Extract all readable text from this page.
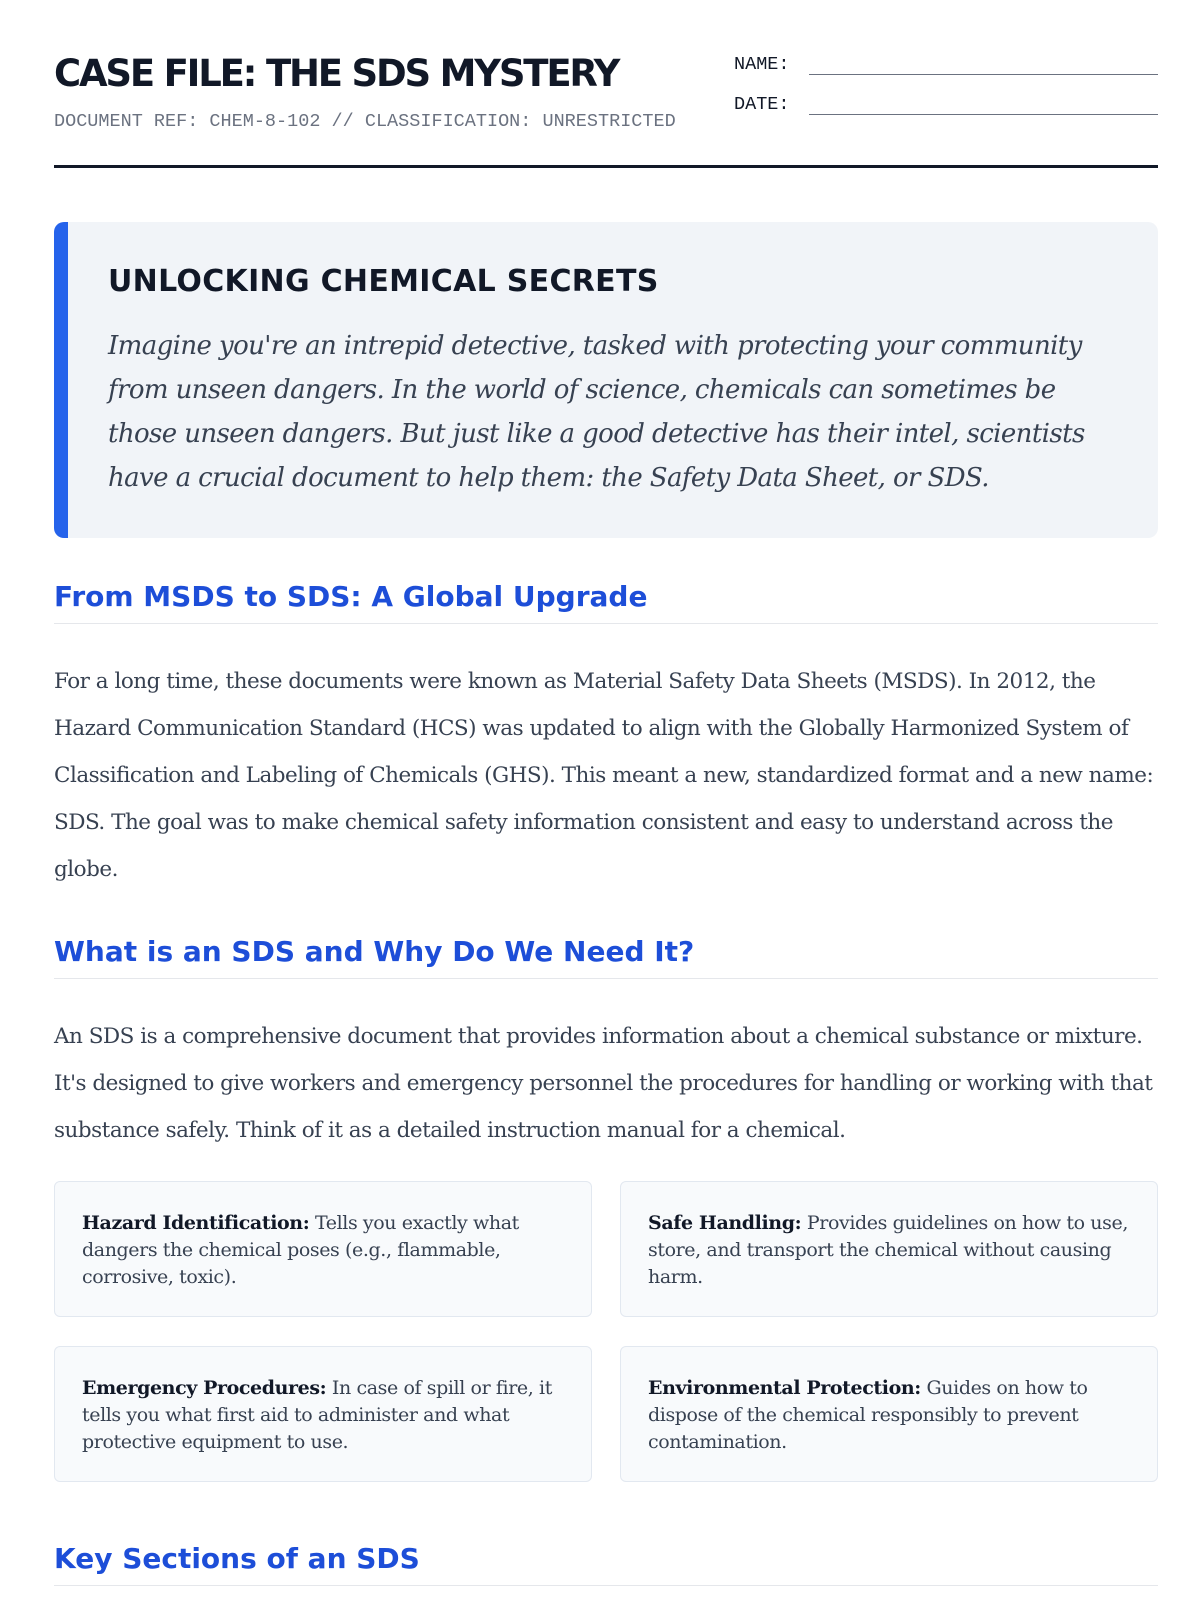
CASE FILE: THE SDS MYSTERY
DOCUMENT REF: CHEM-8-102 // CLASSIFICATION: UNRESTRICTED
NAME:
DATE:
UNLOCKING CHEMICAL SECRETS

Imagine you're an intrepid detective, tasked with protecting your community from unseen dangers. In the world of science, chemicals can sometimes be those unseen dangers. But just like a good detective has their intel, scientists have a crucial document to help them: the Safety Data Sheet, or SDS.

From MSDS to SDS: A Global Upgrade

For a long time, these documents were known as Material Safety Data Sheets (MSDS). In 2012, the Hazard Communication Standard (HCS) was updated to align with the Globally Harmonized System of Classification and Labeling of Chemicals (GHS). This meant a new, standardized format and a new name: SDS. The goal was to make chemical safety information consistent and easy to understand across the globe.

What is an SDS and Why Do We Need It?

An SDS is a comprehensive document that provides information about a chemical substance or mixture. It's designed to give workers and emergency personnel the procedures for handling or working with that substance safely. Think of it as a detailed instruction manual for a chemical.

Hazard Identification: Tells you exactly what dangers the chemical poses (e.g., flammable, corrosive, toxic).
Safe Handling: Provides guidelines on how to use, store, and transport the chemical without causing harm.
Emergency Procedures: In case of spill or fire, it tells you what first aid to administer and what protective equipment to use.
Environmental Protection: Guides on how to dispose of the chemical responsibly to prevent contamination.
Key Sections of an SDS
